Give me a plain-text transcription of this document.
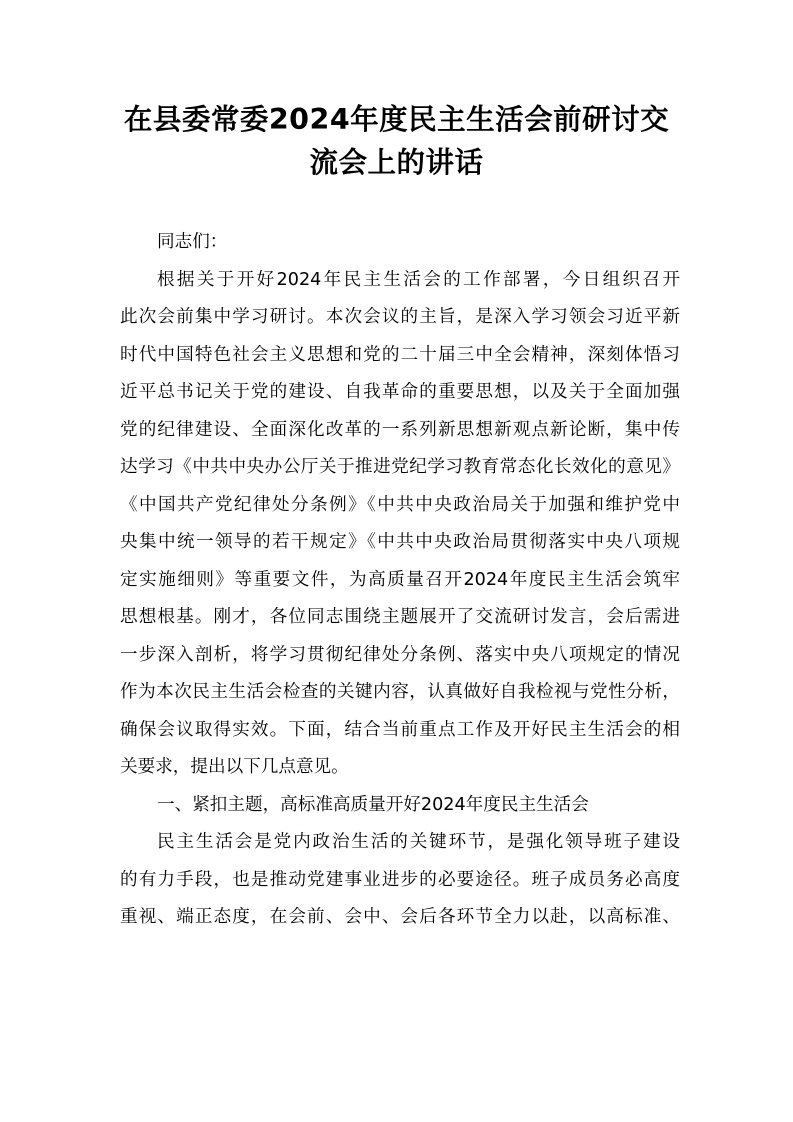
在县委常委2024年度民主生活会前研讨交
流会上的讲话
同志们：
根据关于开好2024年民主生活会的工作部署，今日组织召开
此次会前集中学习研讨。本次会议的主旨，是深入学习领会习近平新
时代中国特色社会主义思想和党的二十届三中全会精神，深刻体悟习
近平总书记关于党的建设、自我革命的重要思想，以及关于全面加强
党的纪律建设、全面深化改革的一系列新思想新观点新论断，集中传
达学习《中共中央办公厅关于推进党纪学习教育常态化长效化的意见》
《中国共产党纪律处分条例》《中共中央政治局关于加强和维护党中
央集中统一领导的若干规定》《中共中央政治局贯彻落实中央八项规
定实施细则》等重要文件，为高质量召开2024年度民主生活会筑牢
思想根基。刚才，各位同志围绕主题展开了交流研讨发言，会后需进
一步深入剖析，将学习贯彻纪律处分条例、落实中央八项规定的情况
作为本次民主生活会检查的关键内容，认真做好自我检视与党性分析，
确保会议取得实效。下面，结合当前重点工作及开好民主生活会的相
关要求，提出以下几点意见。
一、紧扣主题，高标准高质量开好2024年度民主生活会
民主生活会是党内政治生活的关键环节，是强化领导班子建设
的有力手段，也是推动党建事业进步的必要途径。班子成员务必高度
重视、端正态度，在会前、会中、会后各环节全力以赴，以高标准、
